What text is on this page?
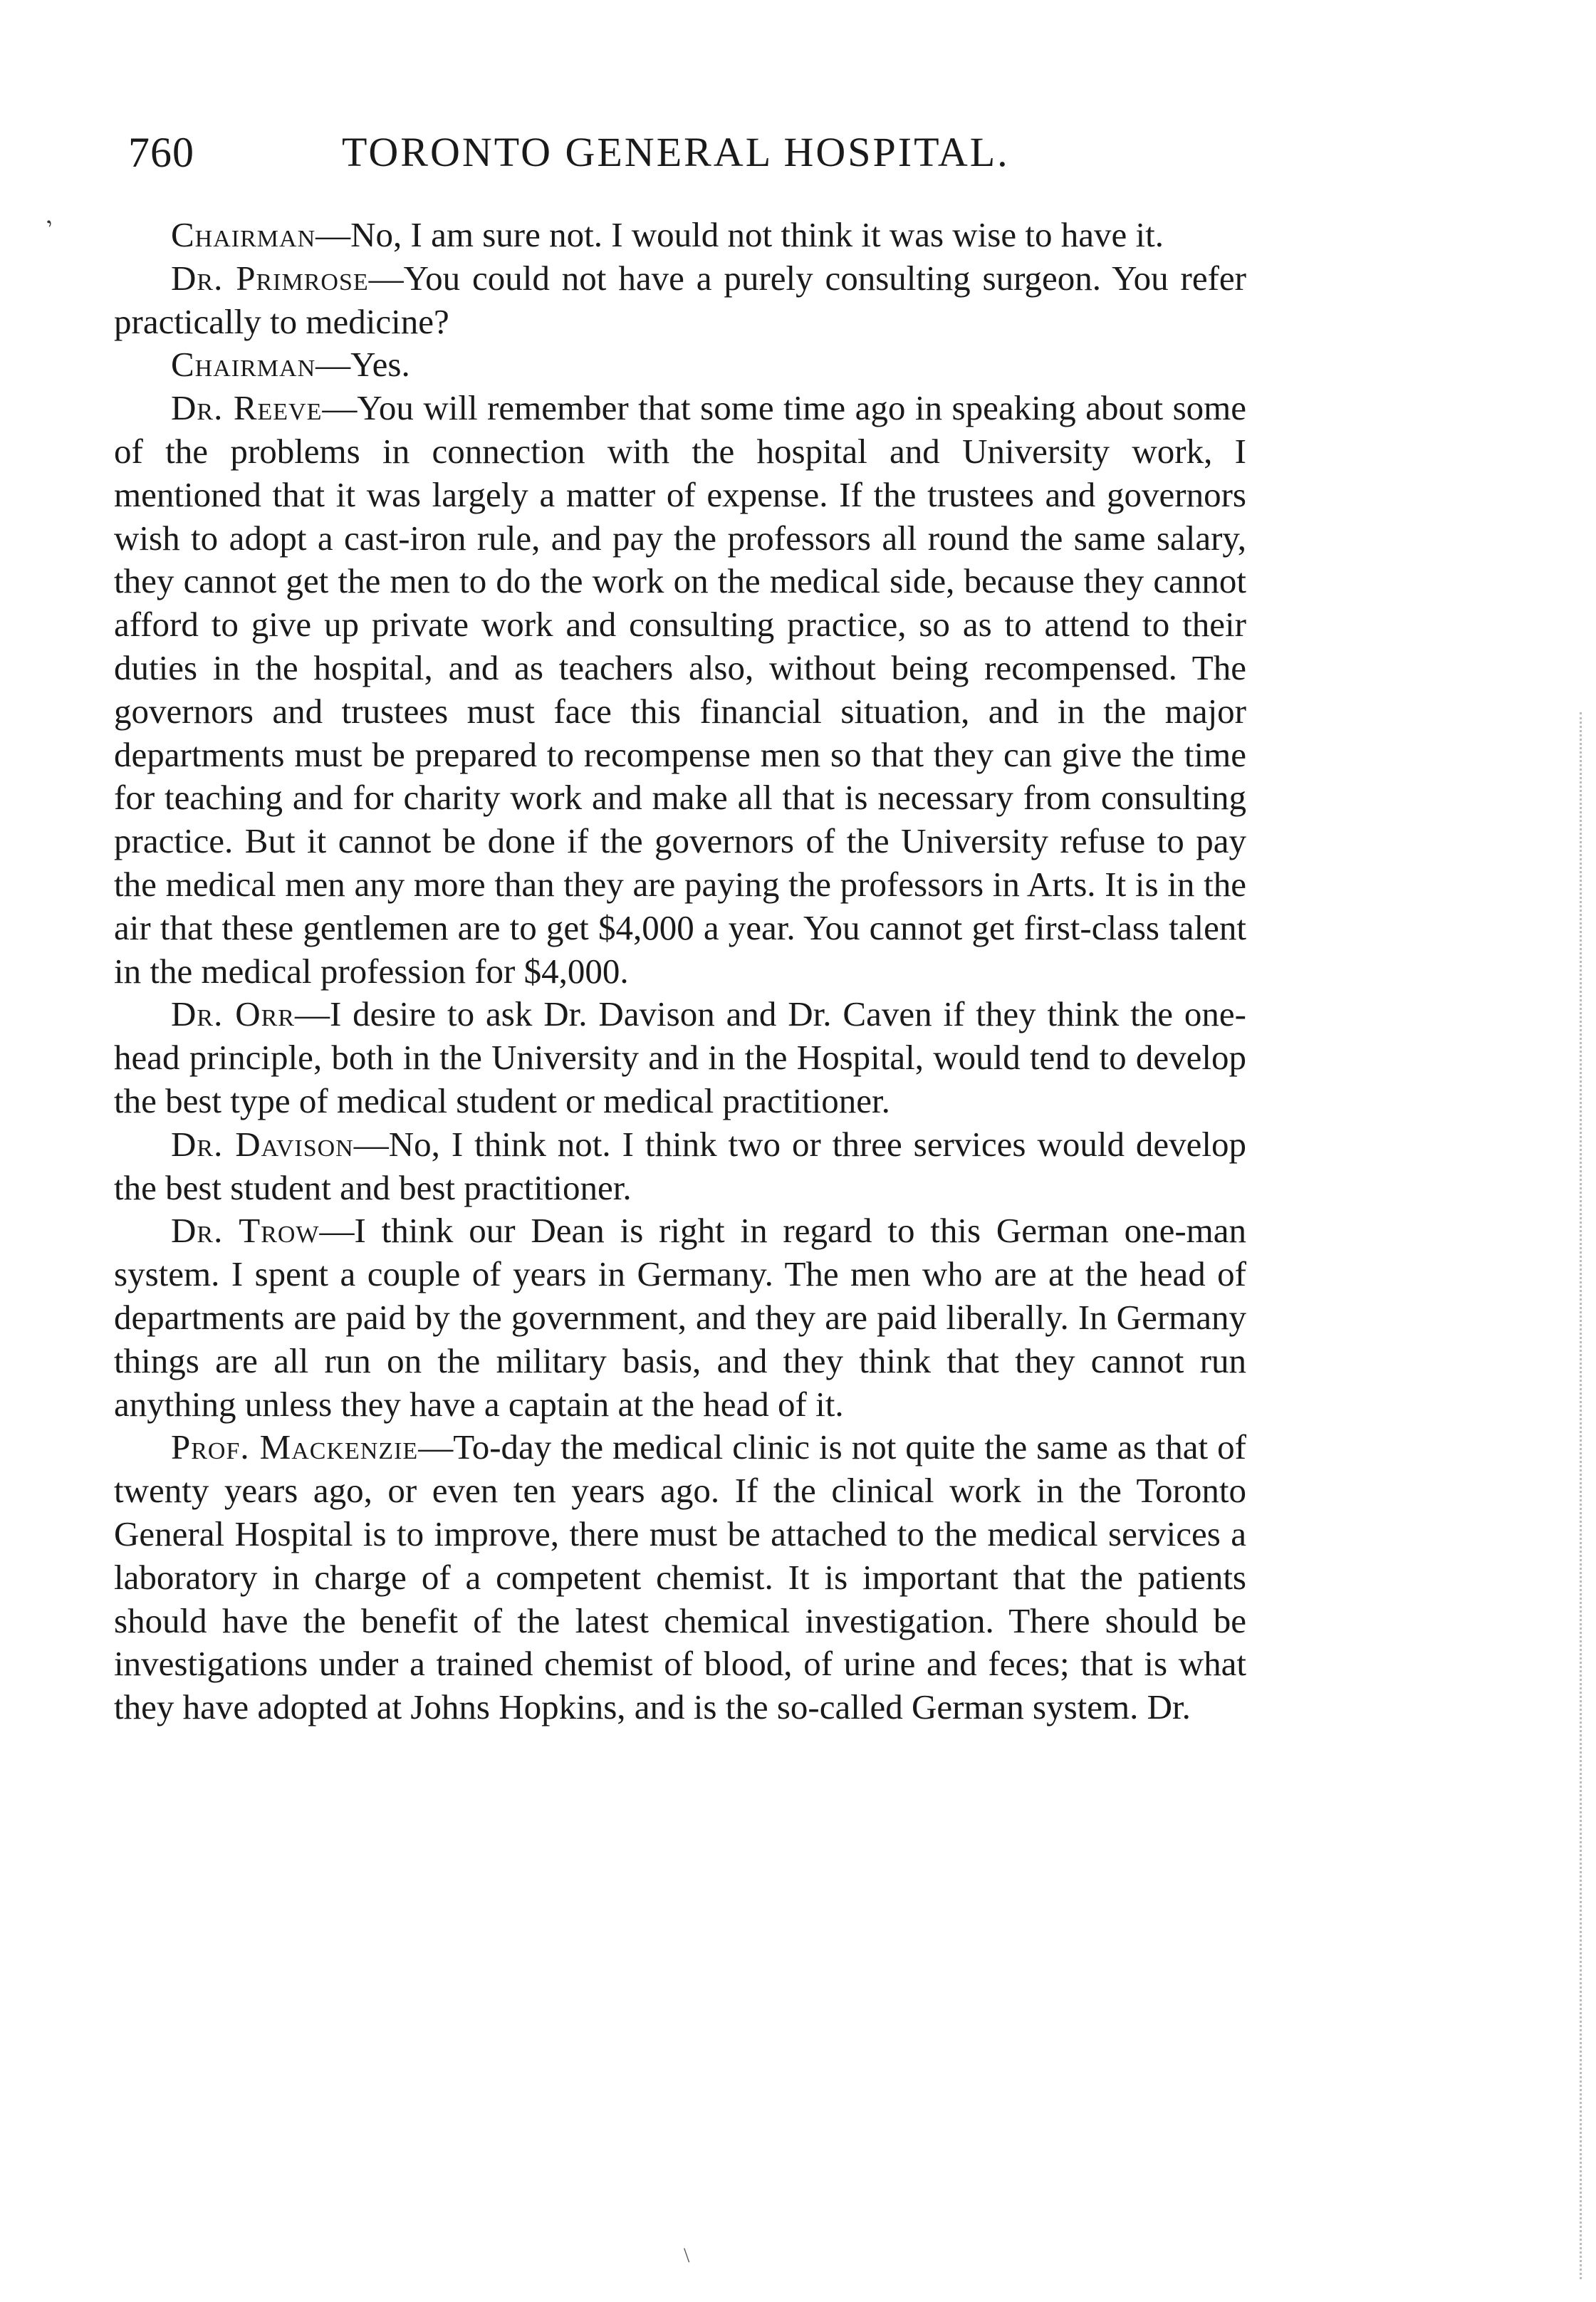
,
760	TORONTO GENERAL HOSPITAL.

Chairman—No, I am sure not. I would not think it was wise to have it.

Dr. Primrose—You could not have a purely consulting surgeon. You refer practically to medicine?

Chairman—Yes.

Dr. Reeve—You will remember that some time ago in speaking about some of the problems in connection with the hospital and University work, I mentioned that it was largely a matter of expense. If the trustees and governors wish to adopt a cast-iron rule, and pay the professors all round the same salary, they cannot get the men to do the work on the medical side, because they cannot afford to give up private work and consulting practice, so as to attend to their duties in the hospital, and as teachers also, without being recompensed. The governors and trustees must face this financial situation, and in the major departments must be prepared to recompense men so that they can give the time for teaching and for charity work and make all that is necessary from consulting practice. But it cannot be done if the governors of the University refuse to pay the medical men any more than they are paying the professors in Arts. It is in the air that these gentlemen are to get $4,000 a year. You cannot get first-class talent in the medical profession for $4,000.

Dr. Orr—I desire to ask Dr. Davison and Dr. Caven if they think the one-head principle, both in the University and in the Hospital, would tend to develop the best type of medical student or medical practitioner.

Dr. Davison—No, I think not. I think two or three services would develop the best student and best practitioner.

Dr. Trow—I think our Dean is right in regard to this German one-man system. I spent a couple of years in Germany. The men who are at the head of departments are paid by the government, and they are paid liberally. In Germany things are all run on the military basis, and they think that they cannot run anything unless they have a captain at the head of it.

Prof. Mackenzie—To-day the medical clinic is not quite the same as that of twenty years ago, or even ten years ago. If the clinical work in the Toronto General Hospital is to improve, there must be attached to the medical services a laboratory in charge of a competent chemist. It is important that the patients should have the benefit of the latest chemical investigation. There should be investigations under a trained chemist of blood, of urine and feces; that is what they have adopted at Johns Hopkins, and is the so-called German system. Dr.

\
